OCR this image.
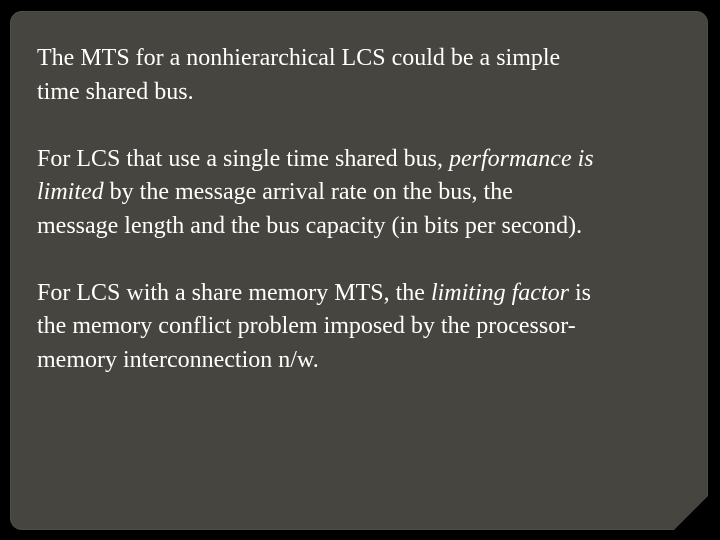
The MTS for a nonhierarchical LCS could be a simple
time shared bus.

For LCS that use a single time shared bus, performance is
limited by the message arrival rate on the bus, the
message length and the bus capacity (in bits per second).

For LCS with a share memory MTS, the limiting factor is
the memory conflict problem imposed by the processor-
memory interconnection n/w.
